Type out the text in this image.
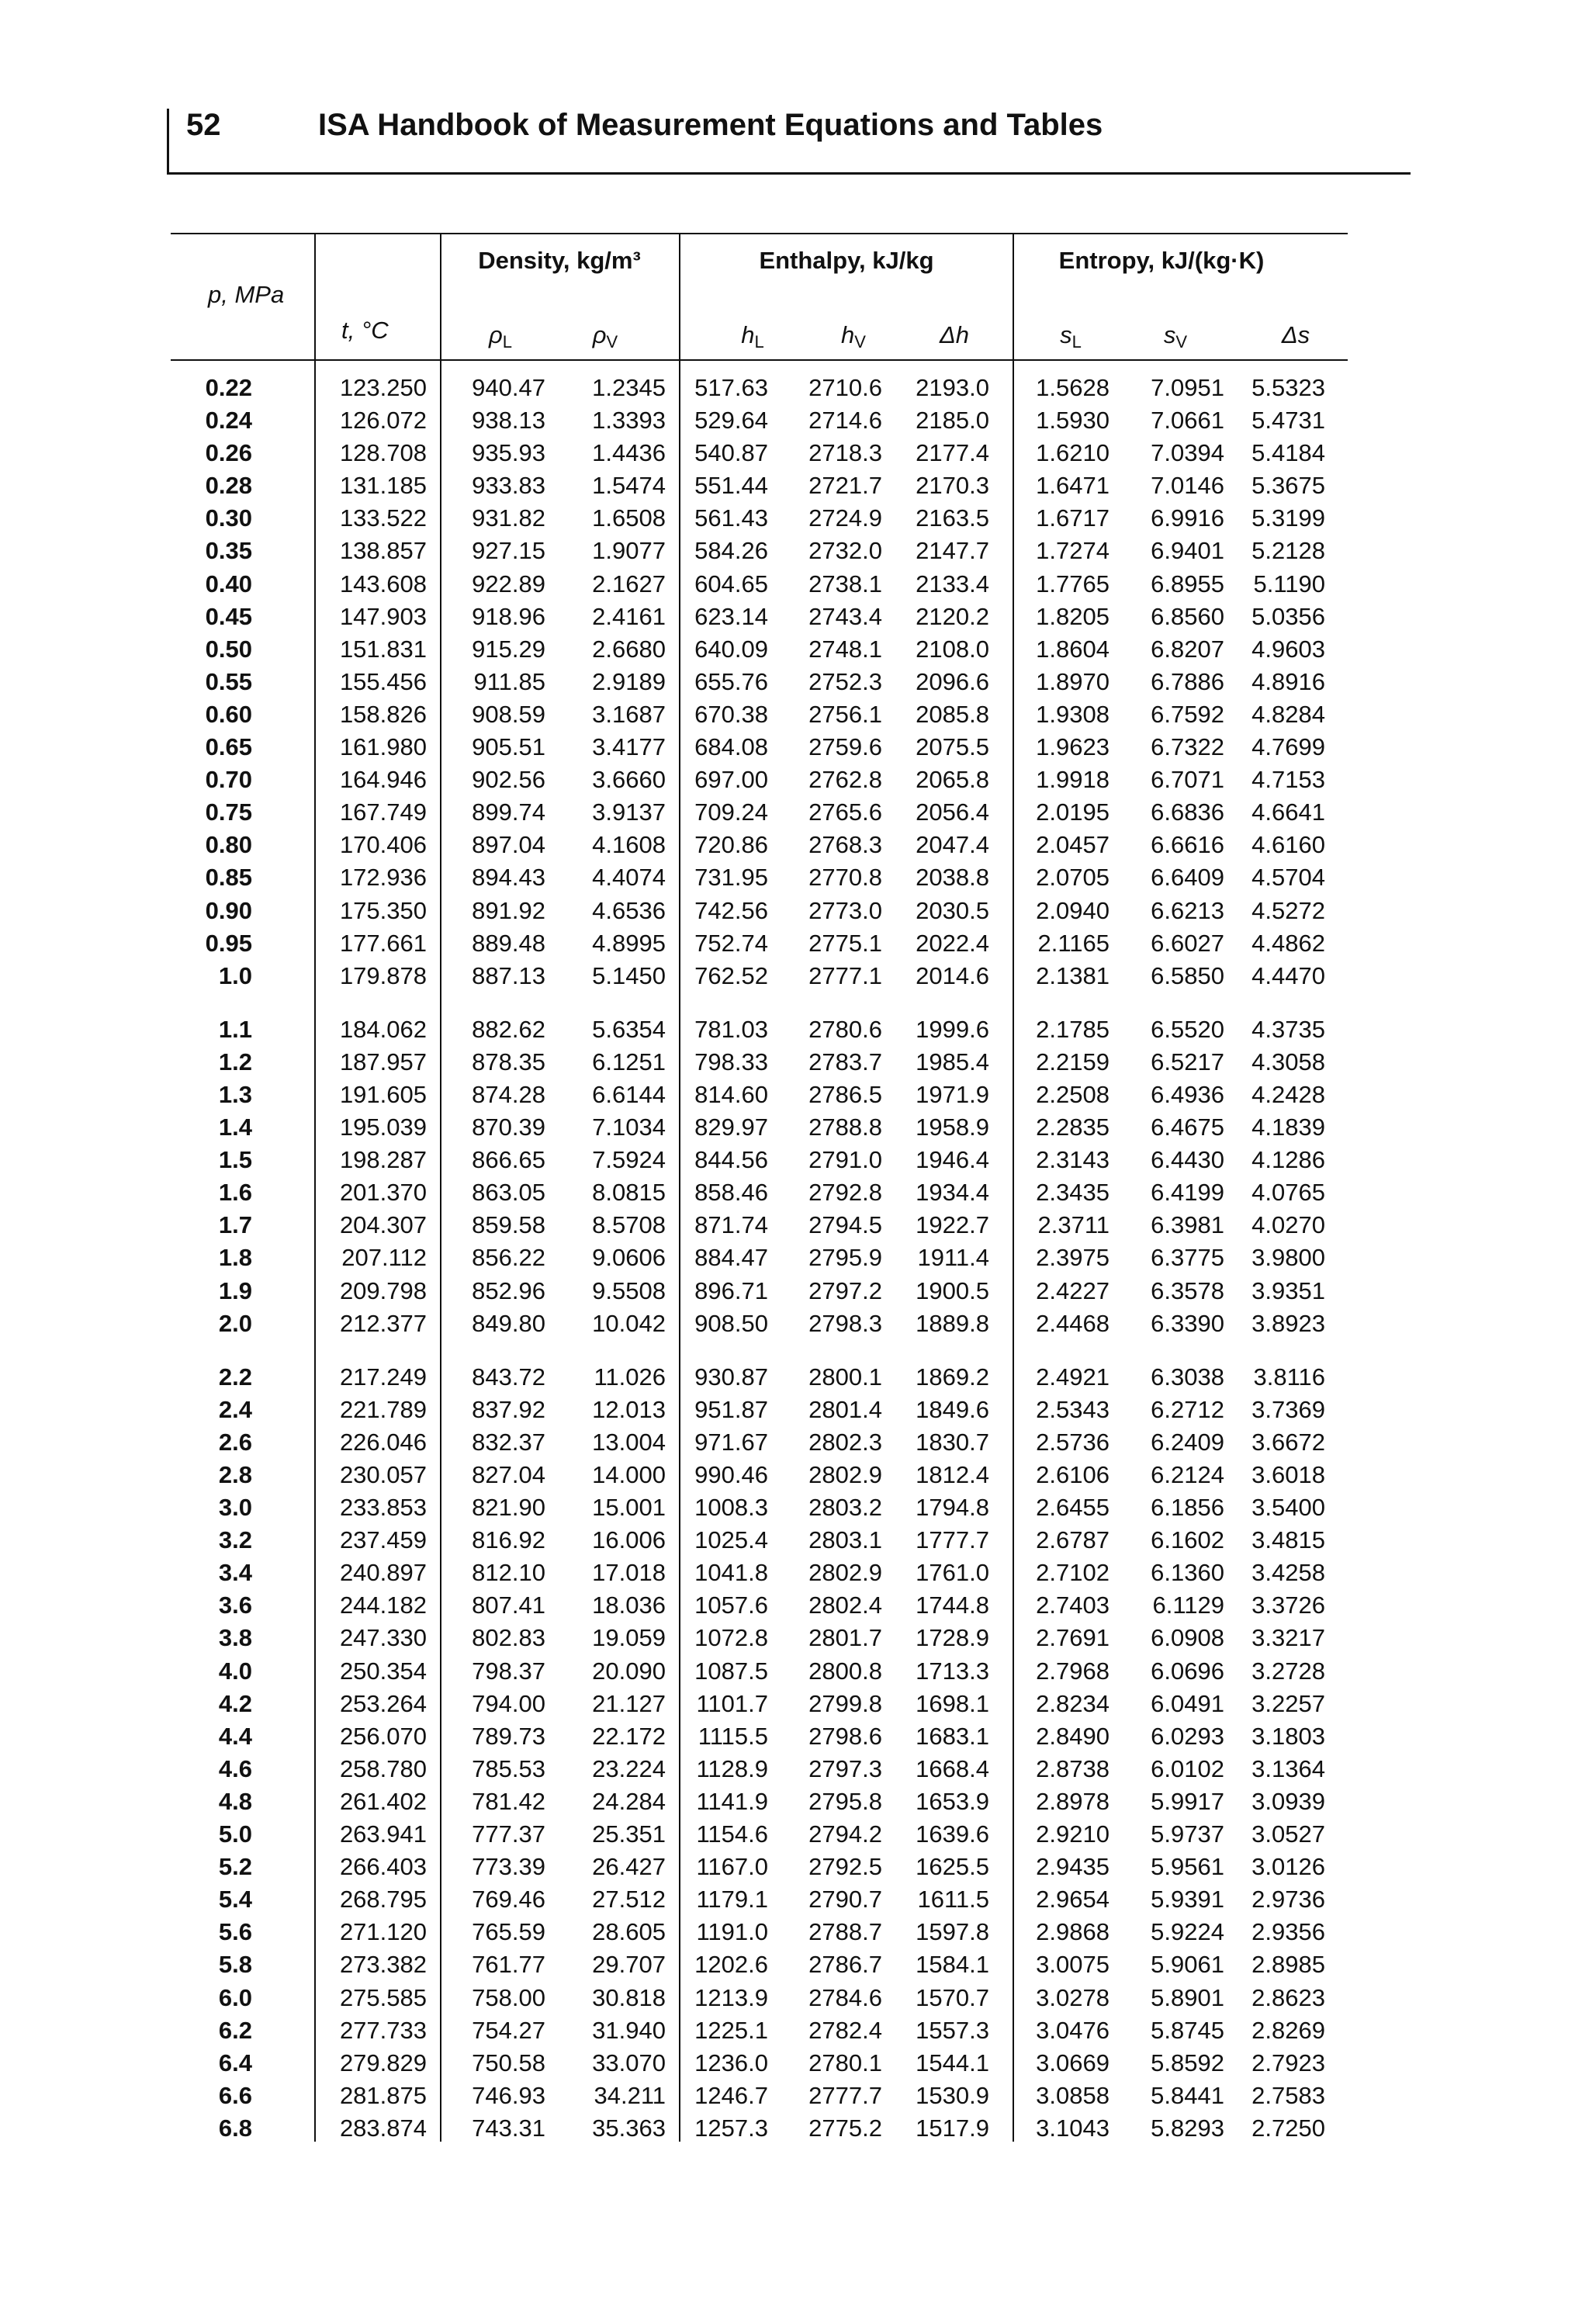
52	ISA Handbook of Measurement Equations and Tables
p, MPa
t, °C
Density, kg/m³	Enthalpy, kJ/kg	Entropy, kJ/(kg·K)
$\rho_L$	$\rho_V$	$h_L$	$h_V$	Δh	$s_L$	$s_V$	Δs
0.22	123.250	940.47	1.2345	517.63	2710.6	2193.0	1.5628	7.0951	5.5323
0.24	126.072	938.13	1.3393	529.64	2714.6	2185.0	1.5930	7.0661	5.4731
0.26	128.708	935.93	1.4436	540.87	2718.3	2177.4	1.6210	7.0394	5.4184
0.28	131.185	933.83	1.5474	551.44	2721.7	2170.3	1.6471	7.0146	5.3675
0.30	133.522	931.82	1.6508	561.43	2724.9	2163.5	1.6717	6.9916	5.3199
0.35	138.857	927.15	1.9077	584.26	2732.0	2147.7	1.7274	6.9401	5.2128
0.40	143.608	922.89	2.1627	604.65	2738.1	2133.4	1.7765	6.8955	5.1190
0.45	147.903	918.96	2.4161	623.14	2743.4	2120.2	1.8205	6.8560	5.0356
0.50	151.831	915.29	2.6680	640.09	2748.1	2108.0	1.8604	6.8207	4.9603
0.55	155.456	911.85	2.9189	655.76	2752.3	2096.6	1.8970	6.7886	4.8916
0.60	158.826	908.59	3.1687	670.38	2756.1	2085.8	1.9308	6.7592	4.8284
0.65	161.980	905.51	3.4177	684.08	2759.6	2075.5	1.9623	6.7322	4.7699
0.70	164.946	902.56	3.6660	697.00	2762.8	2065.8	1.9918	6.7071	4.7153
0.75	167.749	899.74	3.9137	709.24	2765.6	2056.4	2.0195	6.6836	4.6641
0.80	170.406	897.04	4.1608	720.86	2768.3	2047.4	2.0457	6.6616	4.6160
0.85	172.936	894.43	4.4074	731.95	2770.8	2038.8	2.0705	6.6409	4.5704
0.90	175.350	891.92	4.6536	742.56	2773.0	2030.5	2.0940	6.6213	4.5272
0.95	177.661	889.48	4.8995	752.74	2775.1	2022.4	2.1165	6.6027	4.4862
1.0	179.878	887.13	5.1450	762.52	2777.1	2014.6	2.1381	6.5850	4.4470
1.1	184.062	882.62	5.6354	781.03	2780.6	1999.6	2.1785	6.5520	4.3735
1.2	187.957	878.35	6.1251	798.33	2783.7	1985.4	2.2159	6.5217	4.3058
1.3	191.605	874.28	6.6144	814.60	2786.5	1971.9	2.2508	6.4936	4.2428
1.4	195.039	870.39	7.1034	829.97	2788.8	1958.9	2.2835	6.4675	4.1839
1.5	198.287	866.65	7.5924	844.56	2791.0	1946.4	2.3143	6.4430	4.1286
1.6	201.370	863.05	8.0815	858.46	2792.8	1934.4	2.3435	6.4199	4.0765
1.7	204.307	859.58	8.5708	871.74	2794.5	1922.7	2.3711	6.3981	4.0270
1.8	207.112	856.22	9.0606	884.47	2795.9	1911.4	2.3975	6.3775	3.9800
1.9	209.798	852.96	9.5508	896.71	2797.2	1900.5	2.4227	6.3578	3.9351
2.0	212.377	849.80	10.042	908.50	2798.3	1889.8	2.4468	6.3390	3.8923
2.2	217.249	843.72	11.026	930.87	2800.1	1869.2	2.4921	6.3038	3.8116
2.4	221.789	837.92	12.013	951.87	2801.4	1849.6	2.5343	6.2712	3.7369
2.6	226.046	832.37	13.004	971.67	2802.3	1830.7	2.5736	6.2409	3.6672
2.8	230.057	827.04	14.000	990.46	2802.9	1812.4	2.6106	6.2124	3.6018
3.0	233.853	821.90	15.001	1008.3	2803.2	1794.8	2.6455	6.1856	3.5400
3.2	237.459	816.92	16.006	1025.4	2803.1	1777.7	2.6787	6.1602	3.4815
3.4	240.897	812.10	17.018	1041.8	2802.9	1761.0	2.7102	6.1360	3.4258
3.6	244.182	807.41	18.036	1057.6	2802.4	1744.8	2.7403	6.1129	3.3726
3.8	247.330	802.83	19.059	1072.8	2801.7	1728.9	2.7691	6.0908	3.3217
4.0	250.354	798.37	20.090	1087.5	2800.8	1713.3	2.7968	6.0696	3.2728
4.2	253.264	794.00	21.127	1101.7	2799.8	1698.1	2.8234	6.0491	3.2257
4.4	256.070	789.73	22.172	1115.5	2798.6	1683.1	2.8490	6.0293	3.1803
4.6	258.780	785.53	23.224	1128.9	2797.3	1668.4	2.8738	6.0102	3.1364
4.8	261.402	781.42	24.284	1141.9	2795.8	1653.9	2.8978	5.9917	3.0939
5.0	263.941	777.37	25.351	1154.6	2794.2	1639.6	2.9210	5.9737	3.0527
5.2	266.403	773.39	26.427	1167.0	2792.5	1625.5	2.9435	5.9561	3.0126
5.4	268.795	769.46	27.512	1179.1	2790.7	1611.5	2.9654	5.9391	2.9736
5.6	271.120	765.59	28.605	1191.0	2788.7	1597.8	2.9868	5.9224	2.9356
5.8	273.382	761.77	29.707	1202.6	2786.7	1584.1	3.0075	5.9061	2.8985
6.0	275.585	758.00	30.818	1213.9	2784.6	1570.7	3.0278	5.8901	2.8623
6.2	277.733	754.27	31.940	1225.1	2782.4	1557.3	3.0476	5.8745	2.8269
6.4	279.829	750.58	33.070	1236.0	2780.1	1544.1	3.0669	5.8592	2.7923
6.6	281.875	746.93	34.211	1246.7	2777.7	1530.9	3.0858	5.8441	2.7583
6.8	283.874	743.31	35.363	1257.3	2775.2	1517.9	3.1043	5.8293	2.7250
